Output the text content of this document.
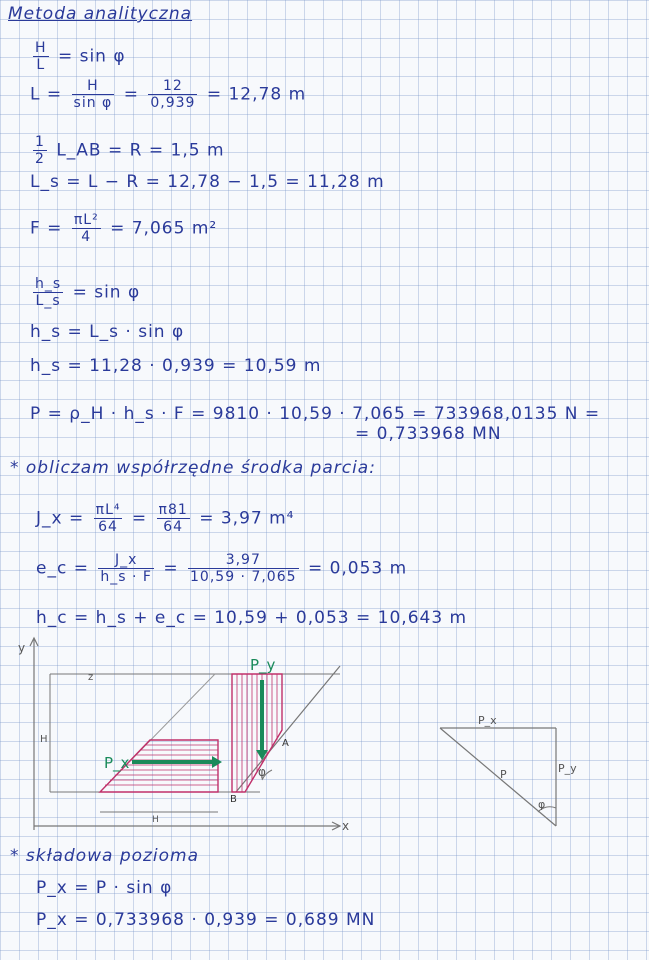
Metoda analityczna
$\frac{H}{L} = \sin \varphi$
$L = \frac{H}{\text{sin φ}} = \frac{12}{0,939} = 12,78$ m
$\frac{1}{2}$ L_AB = R = 1,5 m
L_s = L − R = 12,78 − 1,5 = 11,28 m
$F = \frac{\text{πL²}}{4} = 7,065$ m²
$\frac{h\_s}{L\_s} = \sin \varphi$
h_s = L_s · sin φ
h_s = 11,28 · 0,939 = 10,59 m
P = ρ_H · h_s · F = 9810 · 10,59 · 7,065 = 733968,0135 N =
= 0,733968 MN
* obliczam współrzędne środka parcia:
J_x = $\frac{\text{πL⁴}}{64} = \frac{\pi 81}{64} = 3,97$ m⁴
e_c = $\frac{J\_x}{h\_s \cdot F} = \frac{3,97}{10,59 \cdot 7,065} = 0,053$ m
h_c = h_s + e_c = 10,59 + 0,053 = 10,643 m
y
x
H
z
P_x
P_y
A
B
φ
H
P_x
P	P_y
φ
* składowa pozioma
P_x = P · sin φ
P_x = 0,733968 · 0,939 = 0,689 MN
